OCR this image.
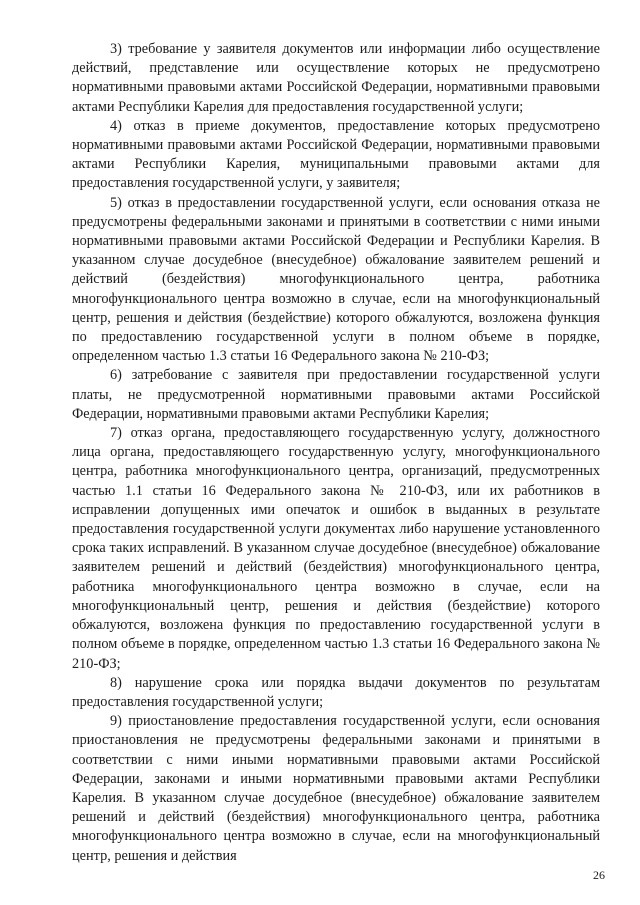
3) требование у заявителя документов или информации либо осуществление действий, представление или осуществление которых не предусмотрено нормативными правовыми актами Российской Федерации, нормативными правовыми актами Республики Карелия для предоставления государственной услуги;

4) отказ в приеме документов, предоставление которых предусмотрено нормативными правовыми актами Российской Федерации, нормативными правовыми актами Республики Карелия, муниципальными правовыми актами для предоставления государственной услуги, у заявителя;

5) отказ в предоставлении государственной услуги, если основания отказа не предусмотрены федеральными законами и принятыми в соответствии с ними иными нормативными правовыми актами Российской Федерации и Республики Карелия. В указанном случае досудебное (внесудебное) обжалование заявителем решений и действий (бездействия) многофункционального центра, работника многофункционального центра возможно в случае, если на многофункциональный центр, решения и действия (бездействие) которого обжалуются, возложена функция по предоставлению государственной услуги в полном объеме в порядке, определенном частью 1.3 статьи 16 Федерального закона № 210-ФЗ;

6) затребование с заявителя при предоставлении государственной услуги платы, не предусмотренной нормативными правовыми актами Российской Федерации, нормативными правовыми актами Республики Карелия;

7) отказ органа, предоставляющего государственную услугу, должностного лица органа, предоставляющего государственную услугу, многофункционального центра, работника многофункционального центра, организаций, предусмотренных частью 1.1 статьи 16 Федерального закона № 210-ФЗ, или их работников в исправлении допущенных ими опечаток и ошибок в выданных в результате предоставления государственной услуги документах либо нарушение установленного срока таких исправлений. В указанном случае досудебное (внесудебное) обжалование заявителем решений и действий (бездействия) многофункционального центра, работника многофункционального центра возможно в случае, если на многофункциональный центр, решения и действия (бездействие) которого обжалуются, возложена функция по предоставлению государственной услуги в полном объеме в порядке, определенном частью 1.3 статьи 16 Федерального закона № 210-ФЗ;

8) нарушение срока или порядка выдачи документов по результатам предоставления государственной услуги;

9) приостановление предоставления государственной услуги, если основания приостановления не предусмотрены федеральными законами и принятыми в соответствии с ними иными нормативными правовыми актами Российской Федерации, законами и иными нормативными правовыми актами Республики Карелия. В указанном случае досудебное (внесудебное) обжалование заявителем решений и действий (бездействия) многофункционального центра, работника многофункционального центра возможно в случае, если на многофункциональный центр, решения и действия

26
